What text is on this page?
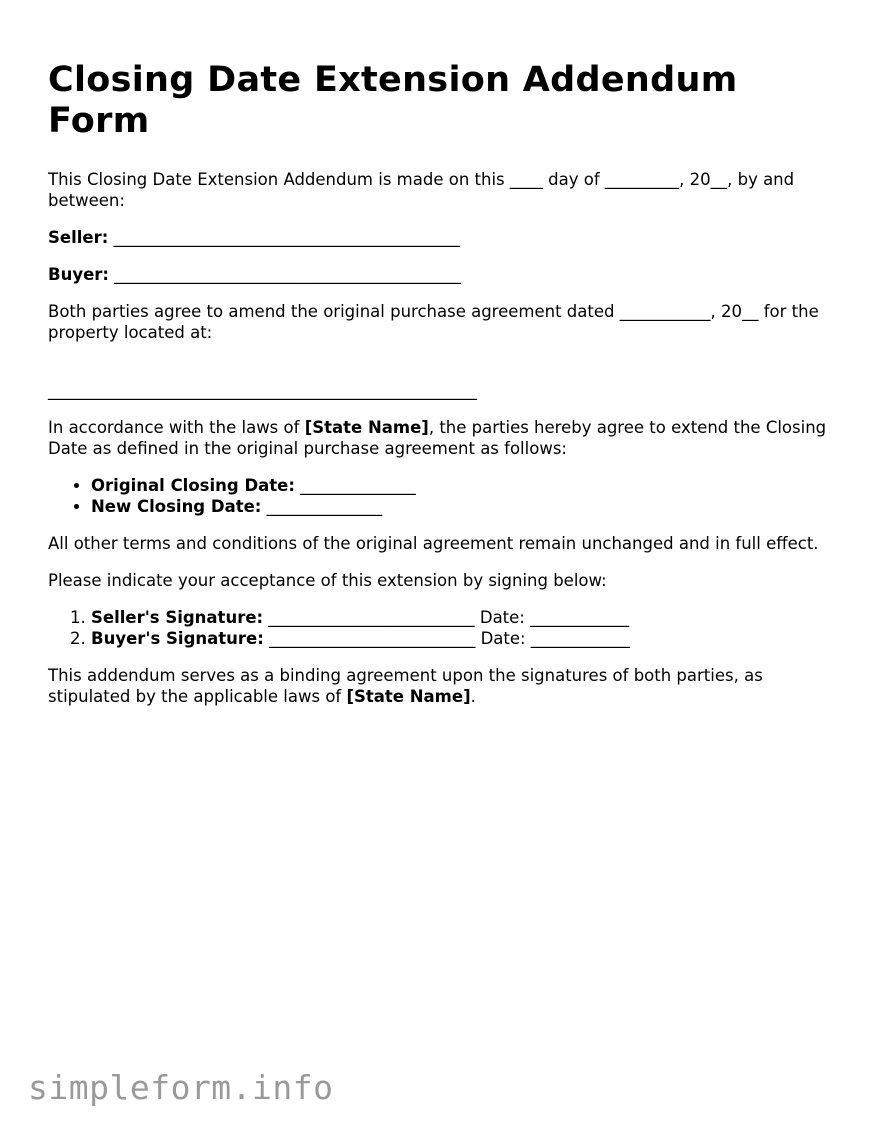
Closing Date Extension Addendum Form

This Closing Date Extension Addendum is made on this ____ day of _________, 20__, by and between:

Seller: __________________________________________

Buyer: __________________________________________

Both parties agree to amend the original purchase agreement dated ___________, 20__ for the property located at:

____________________________________________________

In accordance with the laws of [State Name], the parties hereby agree to extend the Closing Date as defined in the original purchase agreement as follows:

• Original Closing Date: ______________
• New Closing Date: ______________

All other terms and conditions of the original agreement remain unchanged and in full effect.

Please indicate your acceptance of this extension by signing below:

1. Seller's Signature: _________________________ Date: ____________
2. Buyer's Signature: _________________________ Date: ____________

This addendum serves as a binding agreement upon the signatures of both parties, as stipulated by the applicable laws of [State Name].

simpleform.info
